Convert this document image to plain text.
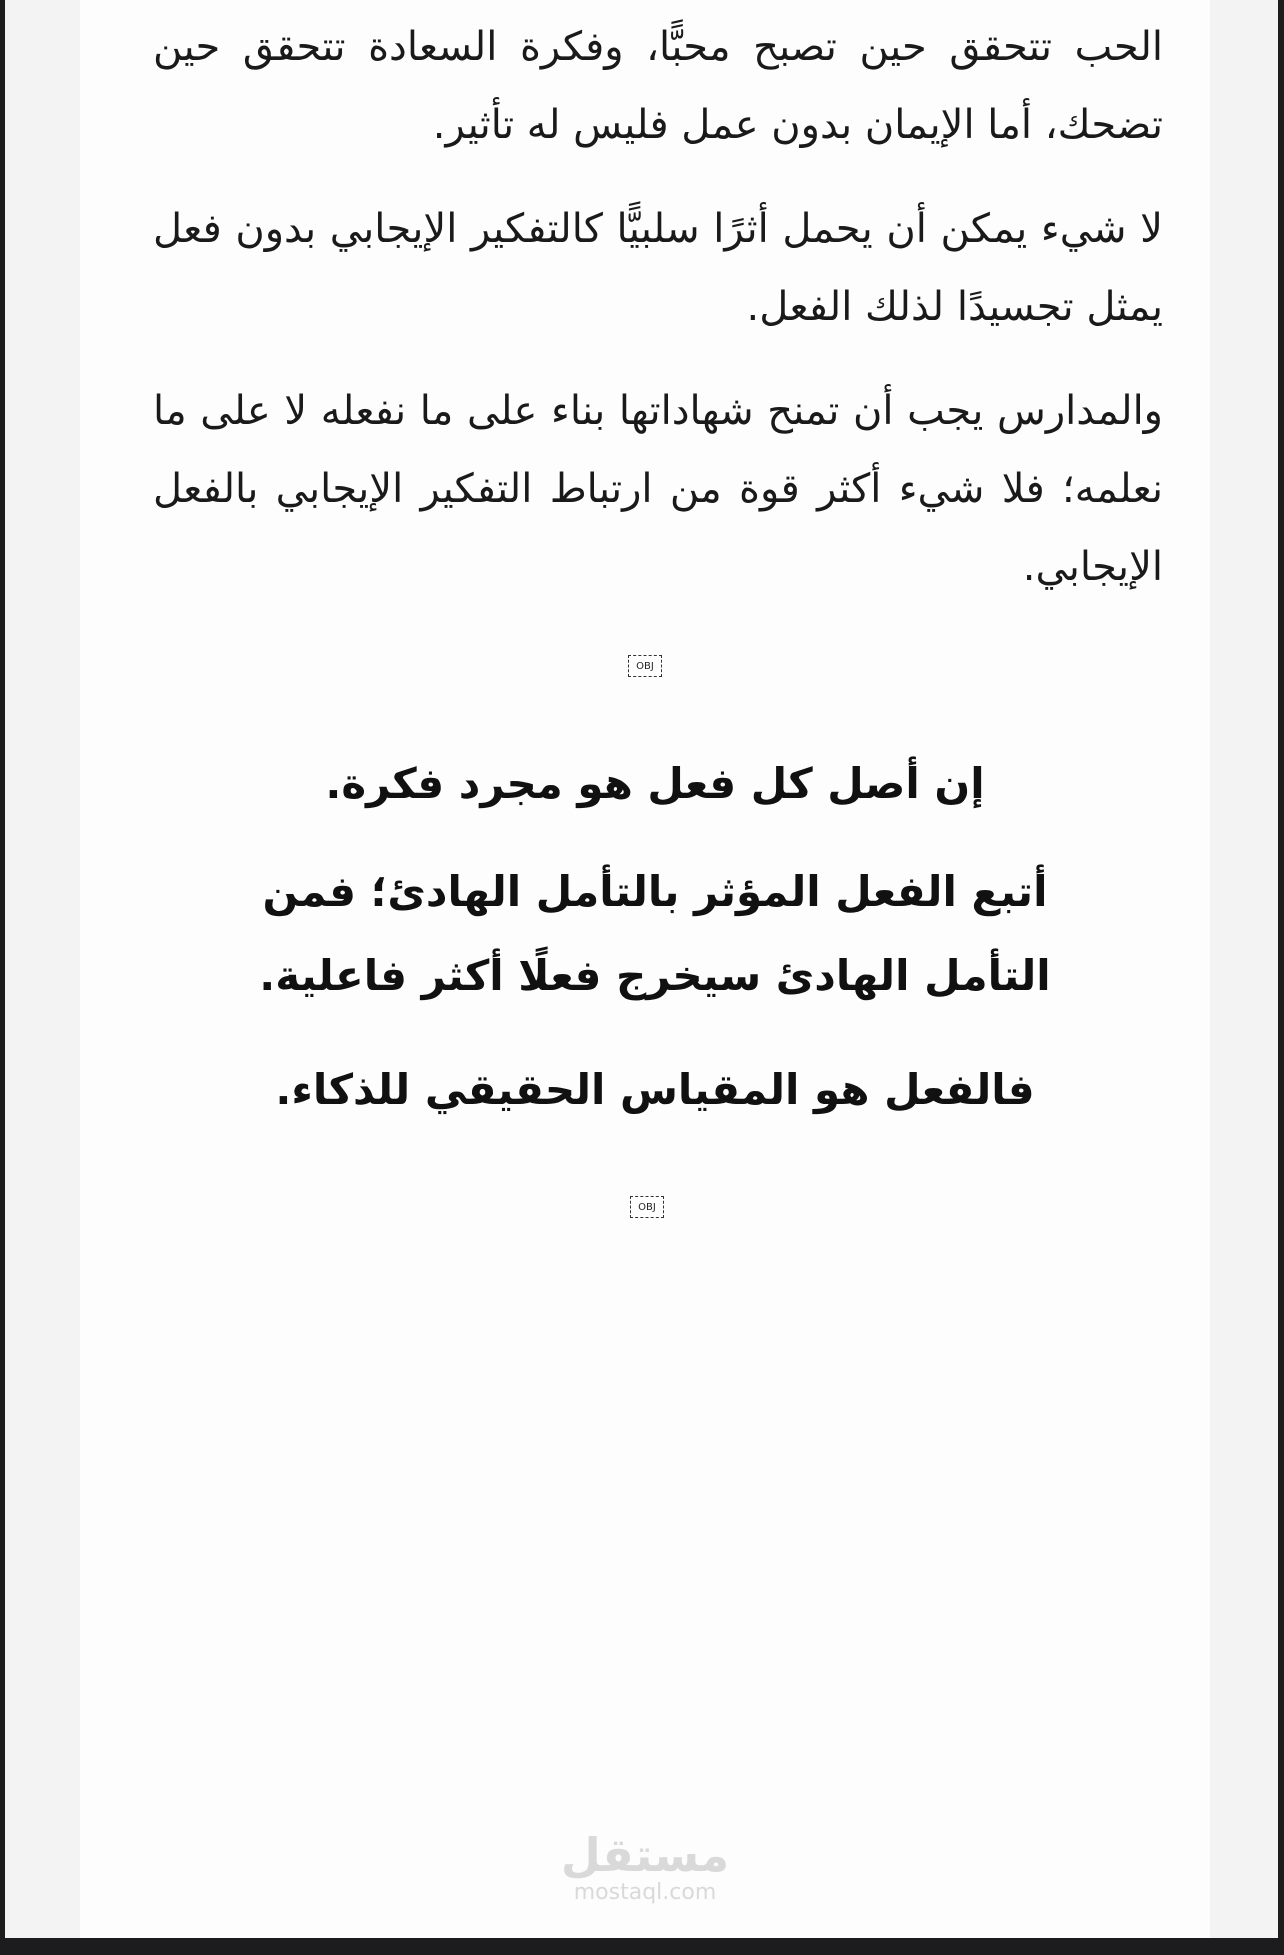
الحب تتحقق حين تصبح محبًّا، وفكرة السعادة تتحقق حين تضحك، أما الإيمان بدون عمل فليس له تأثير.

لا شيء يمكن أن يحمل أثرًا سلبيًّا كالتفكير الإيجابي بدون فعل يمثل تجسيدًا لذلك الفعل.

والمدارس يجب أن تمنح شهاداتها بناء على ما نفعله لا على ما نعلمه؛ فلا شيء أكثر قوة من ارتباط التفكير الإيجابي بالفعل الإيجابي.

OBJ

إن أصل كل فعل هو مجرد فكرة.

أتبع الفعل المؤثر بالتأمل الهادئ؛ فمن التأمل الهادئ سيخرج فعلًا أكثر فاعلية.

فالفعل هو المقياس الحقيقي للذكاء.

OBJ
مستقل
mostaql.com
